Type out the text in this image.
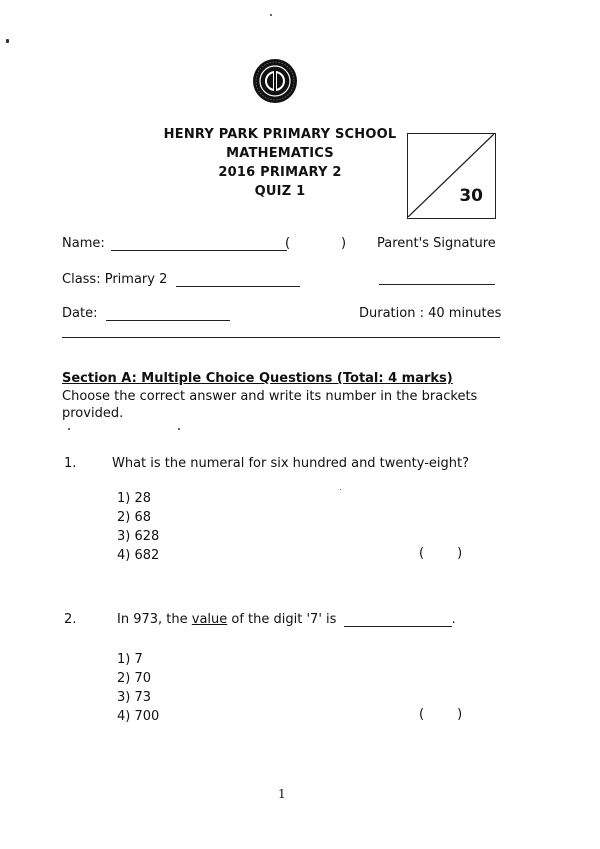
HENRY PARK PRIMARY SCHOOL
MATHEMATICS
2016 PRIMARY 2
QUIZ 1	30
Name:	(	) Parent's Signature
Class: Primary 2
Date:	Duration : 40 minutes
Section A: Multiple Choice Questions (Total: 4 marks)
Choose the correct answer and write its number in the brackets
provided.
1.	What is the numeral for six hundred and twenty-eight?
1) 28
2) 68
3) 628
4) 682	(        )
2.	In 973, the value of the digit '7' is	.
1) 7
2) 70
3) 73
4) 700	(        )
1
